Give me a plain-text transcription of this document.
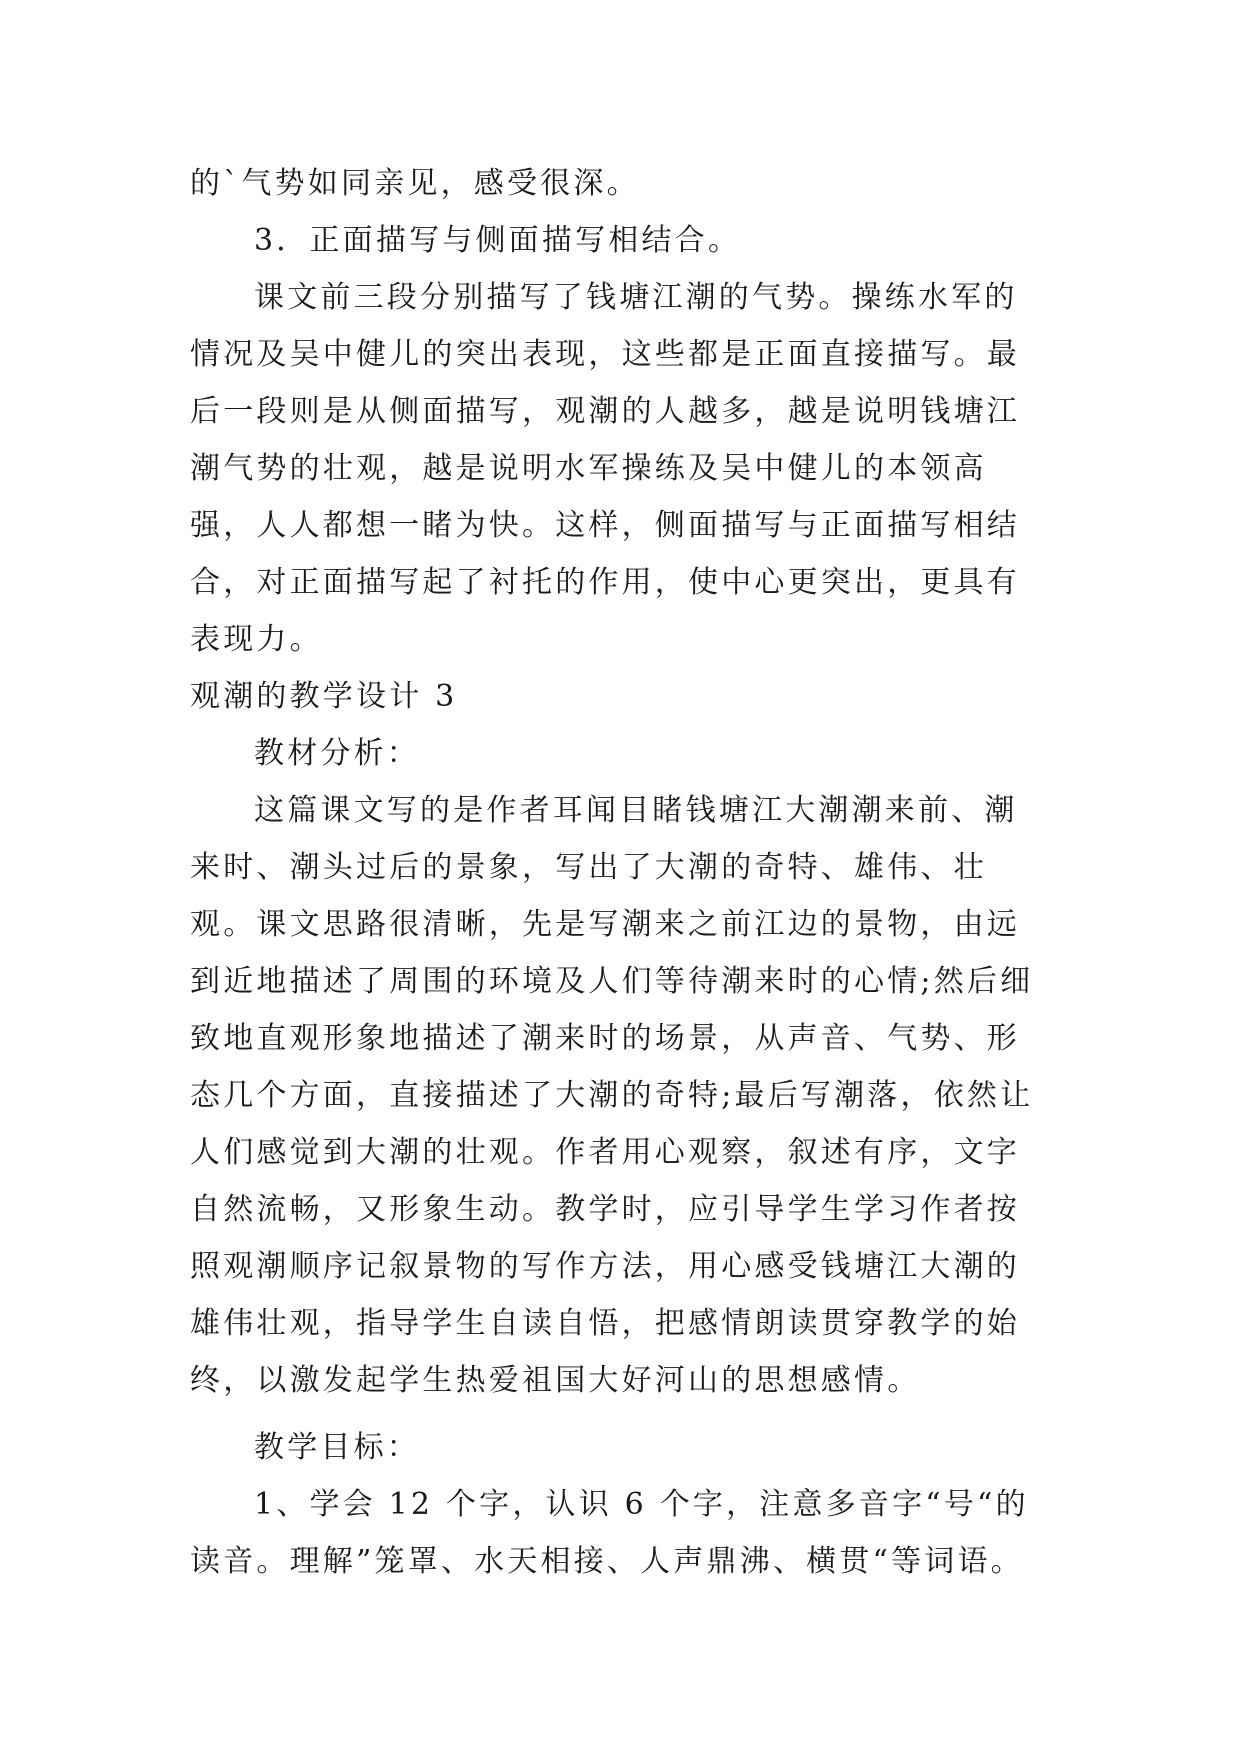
的`气势如同亲见，感受很深。

3．正面描写与侧面描写相结合。

课文前三段分别描写了钱塘江潮的气势。操练水军的情况及吴中健儿的突出表现，这些都是正面直接描写。最后一段则是从侧面描写，观潮的人越多，越是说明钱塘江潮气势的壮观，越是说明水军操练及吴中健儿的本领高强，人人都想一睹为快。这样，侧面描写与正面描写相结合，对正面描写起了衬托的作用，使中心更突出，更具有表现力。

观潮的教学设计 3

教材分析：

这篇课文写的是作者耳闻目睹钱塘江大潮潮来前、潮来时、潮头过后的景象，写出了大潮的奇特、雄伟、壮观。课文思路很清晰，先是写潮来之前江边的景物，由远到近地描述了周围的环境及人们等待潮来时的心情;然后细致地直观形象地描述了潮来时的场景，从声音、气势、形态几个方面，直接描述了大潮的奇特;最后写潮落，依然让人们感觉到大潮的壮观。作者用心观察，叙述有序，文字自然流畅，又形象生动。教学时，应引导学生学习作者按照观潮顺序记叙景物的写作方法，用心感受钱塘江大潮的雄伟壮观，指导学生自读自悟，把感情朗读贯穿教学的始终，以激发起学生热爱祖国大好河山的思想感情。

教学目标：

1、学会 12 个字，认识 6 个字，注意多音字“号“的读音。理解”笼罩、水天相接、人声鼎沸、横贯“等词语。
